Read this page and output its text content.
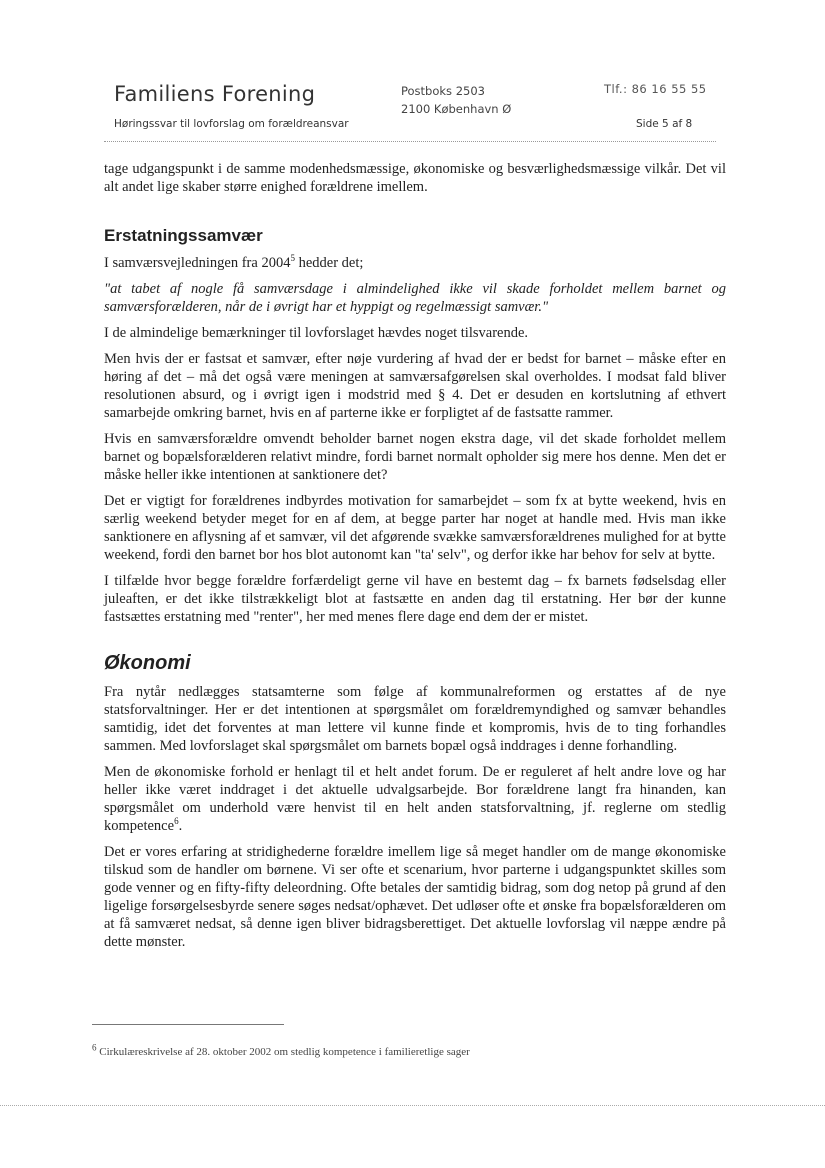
Familiens Forening	Postboks 2503
2100 København Ø
Tlf.: 86 16 55 55
Høringssvar til lovforslag om forældreansvar	Side 5 af 8

tage udgangspunkt i de samme modenhedsmæssige, økonomiske og besværlighedsmæssige vilkår. Det vil alt andet lige skaber større enighed forældrene imellem.

Erstatningssamvær

I samværsvejledningen fra 2004$^5$ hedder det;

"at tabet af nogle få samværsdage i almindelighed ikke vil skade forholdet mellem barnet og samværsforælderen, når de i øvrigt har et hyppigt og regelmæssigt samvær."

I de almindelige bemærkninger til lovforslaget hævdes noget tilsvarende.

Men hvis der er fastsat et samvær, efter nøje vurdering af hvad der er bedst for barnet – måske efter en høring af det – må det også være meningen at samværsafgørelsen skal overholdes. I modsat fald bliver resolutionen absurd, og i øvrigt igen i modstrid med § 4. Det er desuden en kortslutning af ethvert samarbejde omkring barnet, hvis en af parterne ikke er forpligtet af de fastsatte rammer.

Hvis en samværsforældre omvendt beholder barnet nogen ekstra dage, vil det skade forholdet mellem barnet og bopælsforælderen relativt mindre, fordi barnet normalt opholder sig mere hos denne. Men det er måske heller ikke intentionen at sanktionere det?

Det er vigtigt for forældrenes indbyrdes motivation for samarbejdet – som fx at bytte weekend, hvis en særlig weekend betyder meget for en af dem, at begge parter har noget at handle med. Hvis man ikke sanktionere en aflysning af et samvær, vil det afgørende svække samværsforældrenes mulighed for at bytte weekend, fordi den barnet bor hos blot autonomt kan "ta' selv", og derfor ikke har behov for selv at bytte.

I tilfælde hvor begge forældre forfærdeligt gerne vil have en bestemt dag – fx barnets fødselsdag eller juleaften, er det ikke tilstrækkeligt blot at fastsætte en anden dag til erstatning. Her bør der kunne fastsættes erstatning med "renter", her med menes flere dage end dem der er mistet.

Økonomi

Fra nytår nedlægges statsamterne som følge af kommunalreformen og erstattes af de nye statsforvaltninger. Her er det intentionen at spørgsmålet om forældremyndighed og samvær behandles samtidig, idet det forventes at man lettere vil kunne finde et kompromis, hvis de to ting forhandles sammen. Med lovforslaget skal spørgsmålet om barnets bopæl også inddrages i denne forhandling.

Men de økonomiske forhold er henlagt til et helt andet forum. De er reguleret af helt andre love og har heller ikke været inddraget i det aktuelle udvalgsarbejde. Bor forældrene langt fra hinanden, kan spørgsmålet om underhold være henvist til en helt anden statsforvaltning, jf. reglerne om stedlig kompetence$^6$.

Det er vores erfaring at stridighederne forældre imellem lige så meget handler om de mange økonomiske tilskud som de handler om børnene. Vi ser ofte et scenarium, hvor parterne i udgangspunktet skilles som gode venner og en fifty-fifty deleordning. Ofte betales der samtidig bidrag, som dog netop på grund af den ligelige forsørgelsesbyrde senere søges nedsat/ophævet. Det udløser ofte et ønske fra bopælsforælderen om at få samværet nedsat, så denne igen bliver bidragsberettiget. Det aktuelle lovforslag vil næppe ændre på dette mønster.

$^6$ Cirkulæreskrivelse af 28. oktober 2002 om stedlig kompetence i familieretlige sager
